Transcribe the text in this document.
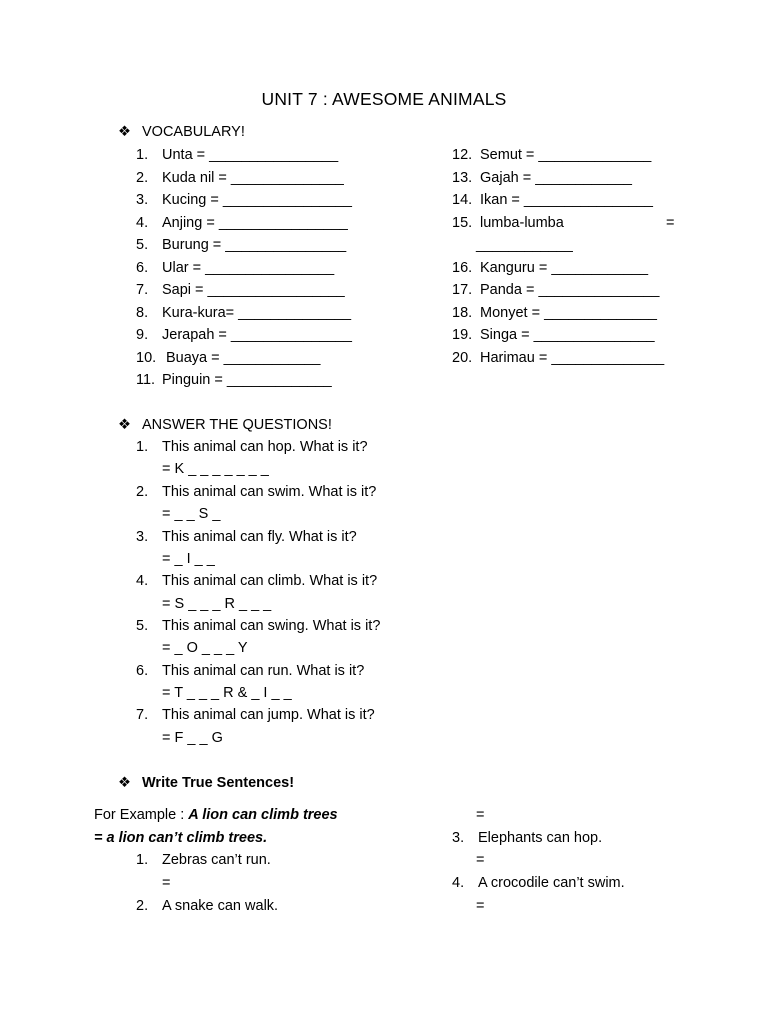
UNIT 7 : AWESOME ANIMALS
❖ VOCABULARY!
1. Unta = ________________
2. Kuda nil = ______________
3. Kucing = ________________
4. Anjing = ________________
5. Burung = _______________
6. Ular = ________________
7. Sapi = _________________
8. Kura-kura= ______________
9. Jerapah = _______________
10. Buaya = ____________
11. Pinguin = _____________
12. Semut = ______________
13. Gajah = ____________
14. Ikan = ________________
15. lumba-lumba	=
____________
16. Kanguru = ____________
17. Panda = _______________
18. Monyet = ______________
19. Singa = _______________
20. Harimau = ______________
❖ ANSWER THE QUESTIONS!
1. This animal can hop. What is it?
= K _ _ _ _ _ _ _
2. This animal can swim. What is it?
= _ _ S _
3. This animal can fly. What is it?
= _ I _ _
4. This animal can climb. What is it?
= S _ _ _ R _ _ _
5. This animal can swing. What is it?
= _ O _ _ _ Y
6. This animal can run. What is it?
= T _ _ _ R & _ I _ _
7. This animal can jump. What is it?
= F _ _ G
❖ Write True Sentences!
For Example : A lion can climb trees
= a lion can’t climb trees.
1. Zebras can’t run.
=
2. A snake can walk.
=
3. Elephants can hop.
=
4. A crocodile can’t swim.
=
